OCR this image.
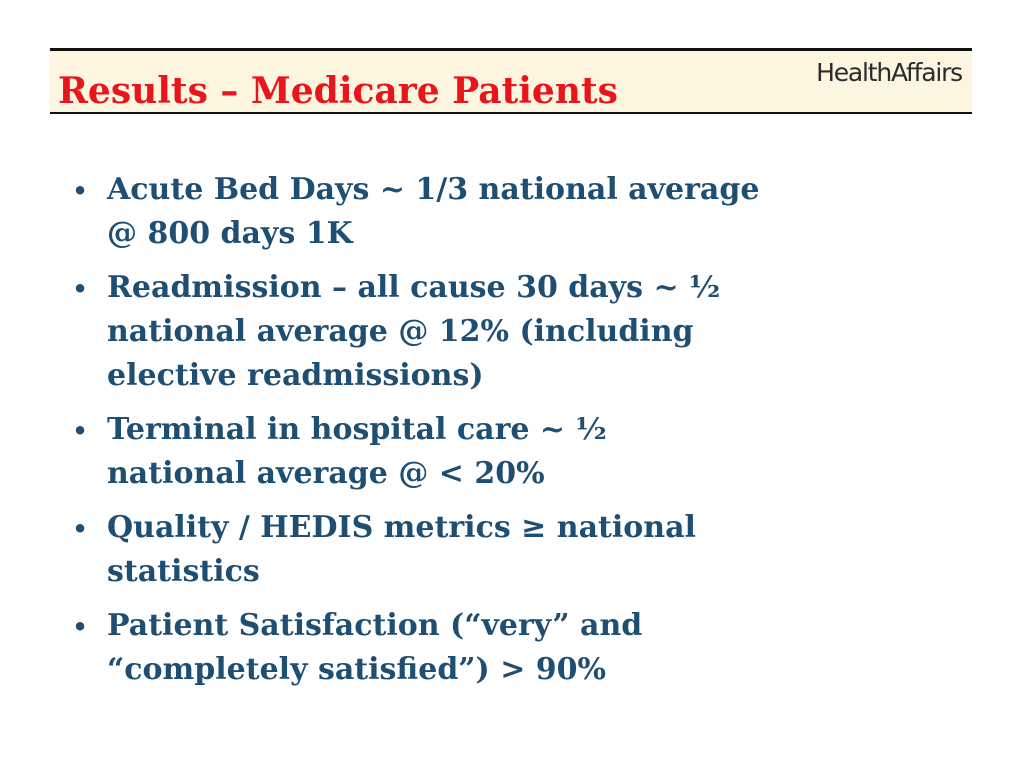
Results – Medicare Patients	HealthAffairs
• Acute Bed Days ~ 1/3 national average
@ 800 days 1K
• Readmission – all cause 30 days ~ ½
national average @ 12% (including
elective readmissions)
• Terminal in hospital care ~ ½
national average @ < 20%
• Quality / HEDIS metrics ≥ national
statistics
• Patient Satisfaction (“very” and
“completely satisfied”) > 90%
